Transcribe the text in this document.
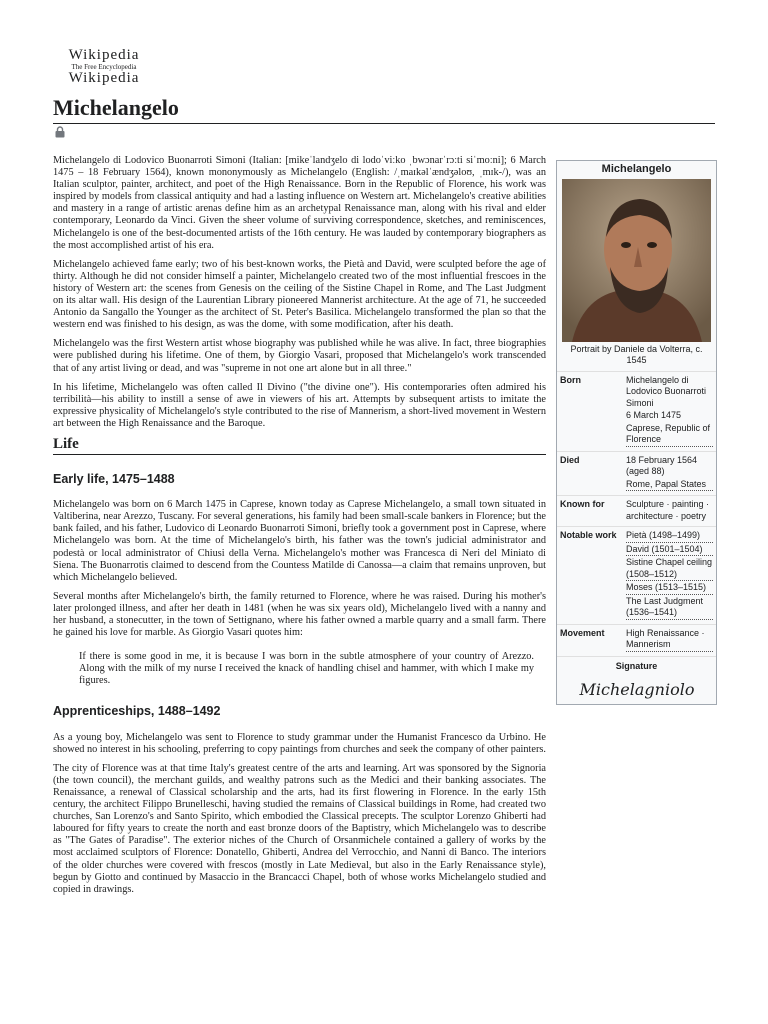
Wikipedia
The Free Encyclopedia
Wikipedia
Michelangelo

Michelangelo di Lodovico Buonarroti Simoni (Italian: [mikeˈlandʒelo di lodoˈviːko ˌbwɔnarˈrɔːti siˈmoːni]; 6 March 1475 – 18 February 1564), known mononymously as Michelangelo (English: /ˌmaɪkəlˈændʒəloʊ, ˌmɪk-/), was an Italian sculptor, painter, architect, and poet of the High Renaissance. Born in the Republic of Florence, his work was inspired by models from classical antiquity and had a lasting influence on Western art. Michelangelo's creative abilities and mastery in a range of artistic arenas define him as an archetypal Renaissance man, along with his rival and elder contemporary, Leonardo da Vinci. Given the sheer volume of surviving correspondence, sketches, and reminiscences, Michelangelo is one of the best-documented artists of the 16th century. He was lauded by contemporary biographers as the most accomplished artist of his era.

Michelangelo achieved fame early; two of his best-known works, the Pietà and David, were sculpted before the age of thirty. Although he did not consider himself a painter, Michelangelo created two of the most influential frescoes in the history of Western art: the scenes from Genesis on the ceiling of the Sistine Chapel in Rome, and The Last Judgment on its altar wall. His design of the Laurentian Library pioneered Mannerist architecture. At the age of 71, he succeeded Antonio da Sangallo the Younger as the architect of St. Peter's Basilica. Michelangelo transformed the plan so that the western end was finished to his design, as was the dome, with some modification, after his death.

Michelangelo was the first Western artist whose biography was published while he was alive. In fact, three biographies were published during his lifetime. One of them, by Giorgio Vasari, proposed that Michelangelo's work transcended that of any artist living or dead, and was "supreme in not one art alone but in all three."

In his lifetime, Michelangelo was often called Il Divino ("the divine one"). His contemporaries often admired his terribilità—his ability to instill a sense of awe in viewers of his art. Attempts by subsequent artists to imitate the expressive physicality of Michelangelo's style contributed to the rise of Mannerism, a short-lived movement in Western art between the High Renaissance and the Baroque.

Life
Early life, 1475–1488

Michelangelo was born on 6 March 1475 in Caprese, known today as Caprese Michelangelo, a small town situated in Valtiberina, near Arezzo, Tuscany. For several generations, his family had been small-scale bankers in Florence; but the bank failed, and his father, Ludovico di Leonardo Buonarroti Simoni, briefly took a government post in Caprese, where Michelangelo was born. At the time of Michelangelo's birth, his father was the town's judicial administrator and podestà or local administrator of Chiusi della Verna. Michelangelo's mother was Francesca di Neri del Miniato di Siena. The Buonarrotis claimed to descend from the Countess Matilde di Canossa—a claim that remains unproven, but which Michelangelo believed.

Several months after Michelangelo's birth, the family returned to Florence, where he was raised. During his mother's later prolonged illness, and after her death in 1481 (when he was six years old), Michelangelo lived with a nanny and her husband, a stonecutter, in the town of Settignano, where his father owned a marble quarry and a small farm. There he gained his love for marble. As Giorgio Vasari quotes him:

If there is some good in me, it is because I was born in the subtle atmosphere of your country of Arezzo. Along with the milk of my nurse I received the knack of handling chisel and hammer, with which I make my figures.
Apprenticeships, 1488–1492

As a young boy, Michelangelo was sent to Florence to study grammar under the Humanist Francesco da Urbino. He showed no interest in his schooling, preferring to copy paintings from churches and seek the company of other painters.

The city of Florence was at that time Italy's greatest centre of the arts and learning. Art was sponsored by the Signoria (the town council), the merchant guilds, and wealthy patrons such as the Medici and their banking associates. The Renaissance, a renewal of Classical scholarship and the arts, had its first flowering in Florence. In the early 15th century, the architect Filippo Brunelleschi, having studied the remains of Classical buildings in Rome, had created two churches, San Lorenzo's and Santo Spirito, which embodied the Classical precepts. The sculptor Lorenzo Ghiberti had laboured for fifty years to create the north and east bronze doors of the Baptistry, which Michelangelo was to describe as "The Gates of Paradise". The exterior niches of the Church of Orsanmichele contained a gallery of works by the most acclaimed sculptors of Florence: Donatello, Ghiberti, Andrea del Verrocchio, and Nanni di Banco. The interiors of the older churches were covered with frescos (mostly in Late Medieval, but also in the Early Renaissance style), begun by Giotto and continued by Masaccio in the Brancacci Chapel, both of whose works Michelangelo studied and copied in drawings.

Michelangelo
Portrait by Daniele da Volterra, c. 1545
Born	Michelangelo di Lodovico Buonarroti Simoni
6 March 1475
Caprese, Republic of Florence
Died	18 February 1564 (aged 88)
Rome, Papal States
Known for	Sculpture · painting · architecture · poetry
Notable work	Pietà (1498–1499)
David (1501–1504)
Sistine Chapel ceiling (1508–1512)
Moses (1513–1515)
The Last Judgment (1536–1541)
Movement	High Renaissance · Mannerism
Signature
Michelagniolo
